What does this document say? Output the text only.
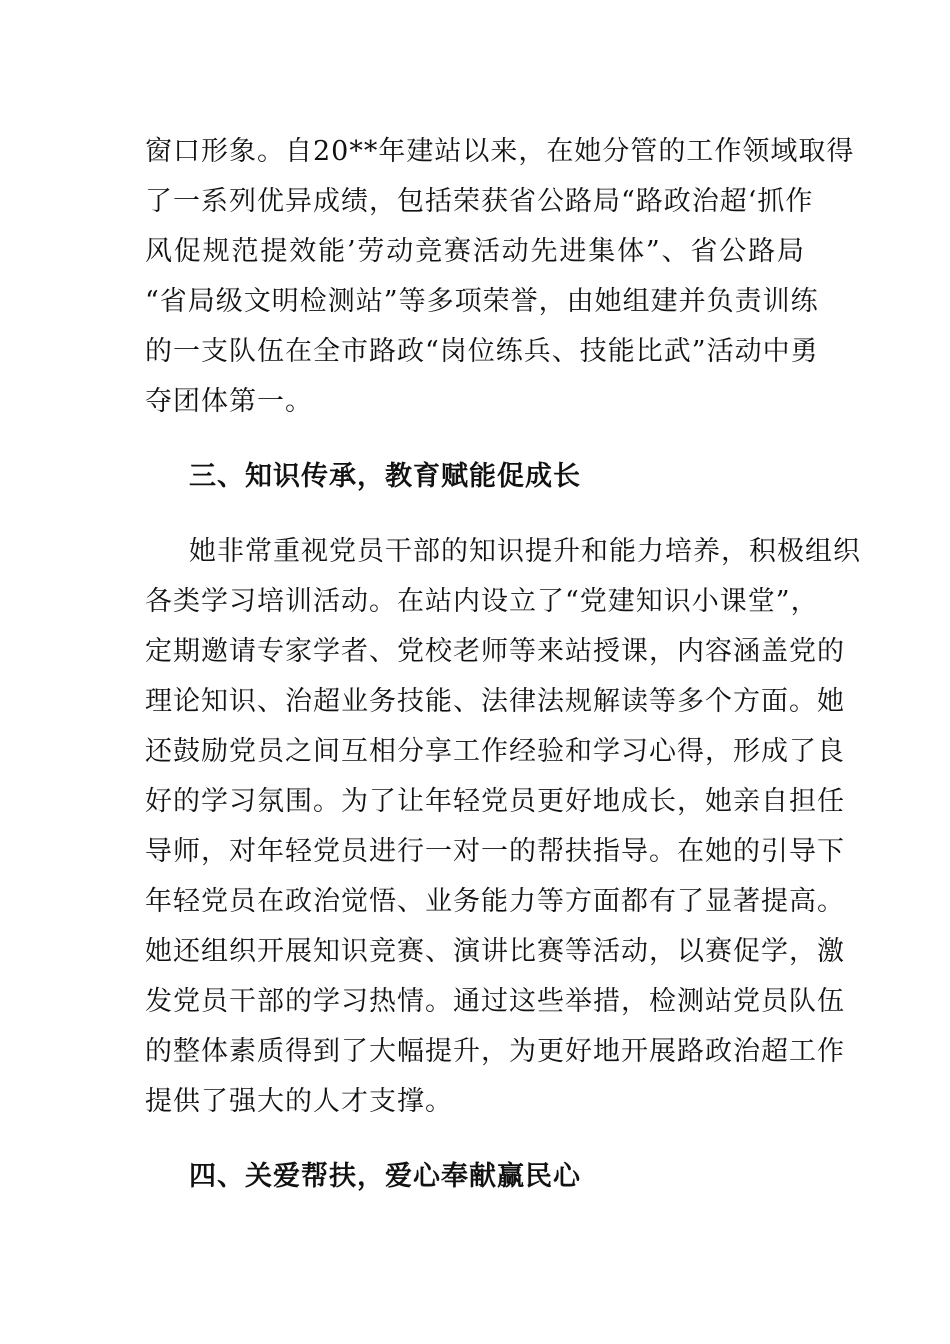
窗口形象。自20**年建站以来，在她分管的工作领域取得
了一系列优异成绩，包括荣获省公路局“路政治超‘抓作
风促规范提效能’劳动竞赛活动先进集体”、省公路局
“省局级文明检测站”等多项荣誉，由她组建并负责训练
的一支队伍在全市路政“岗位练兵、技能比武”活动中勇
夺团体第一。
三、知识传承，教育赋能促成长
她非常重视党员干部的知识提升和能力培养，积极组织
各类学习培训活动。在站内设立了“党建知识小课堂”，
定期邀请专家学者、党校老师等来站授课，内容涵盖党的
理论知识、治超业务技能、法律法规解读等多个方面。她
还鼓励党员之间互相分享工作经验和学习心得，形成了良
好的学习氛围。为了让年轻党员更好地成长，她亲自担任
导师，对年轻党员进行一对一的帮扶指导。在她的引导下
年轻党员在政治觉悟、业务能力等方面都有了显著提高。
她还组织开展知识竞赛、演讲比赛等活动，以赛促学，激
发党员干部的学习热情。通过这些举措，检测站党员队伍
的整体素质得到了大幅提升，为更好地开展路政治超工作
提供了强大的人才支撑。
四、关爱帮扶，爱心奉献赢民心
